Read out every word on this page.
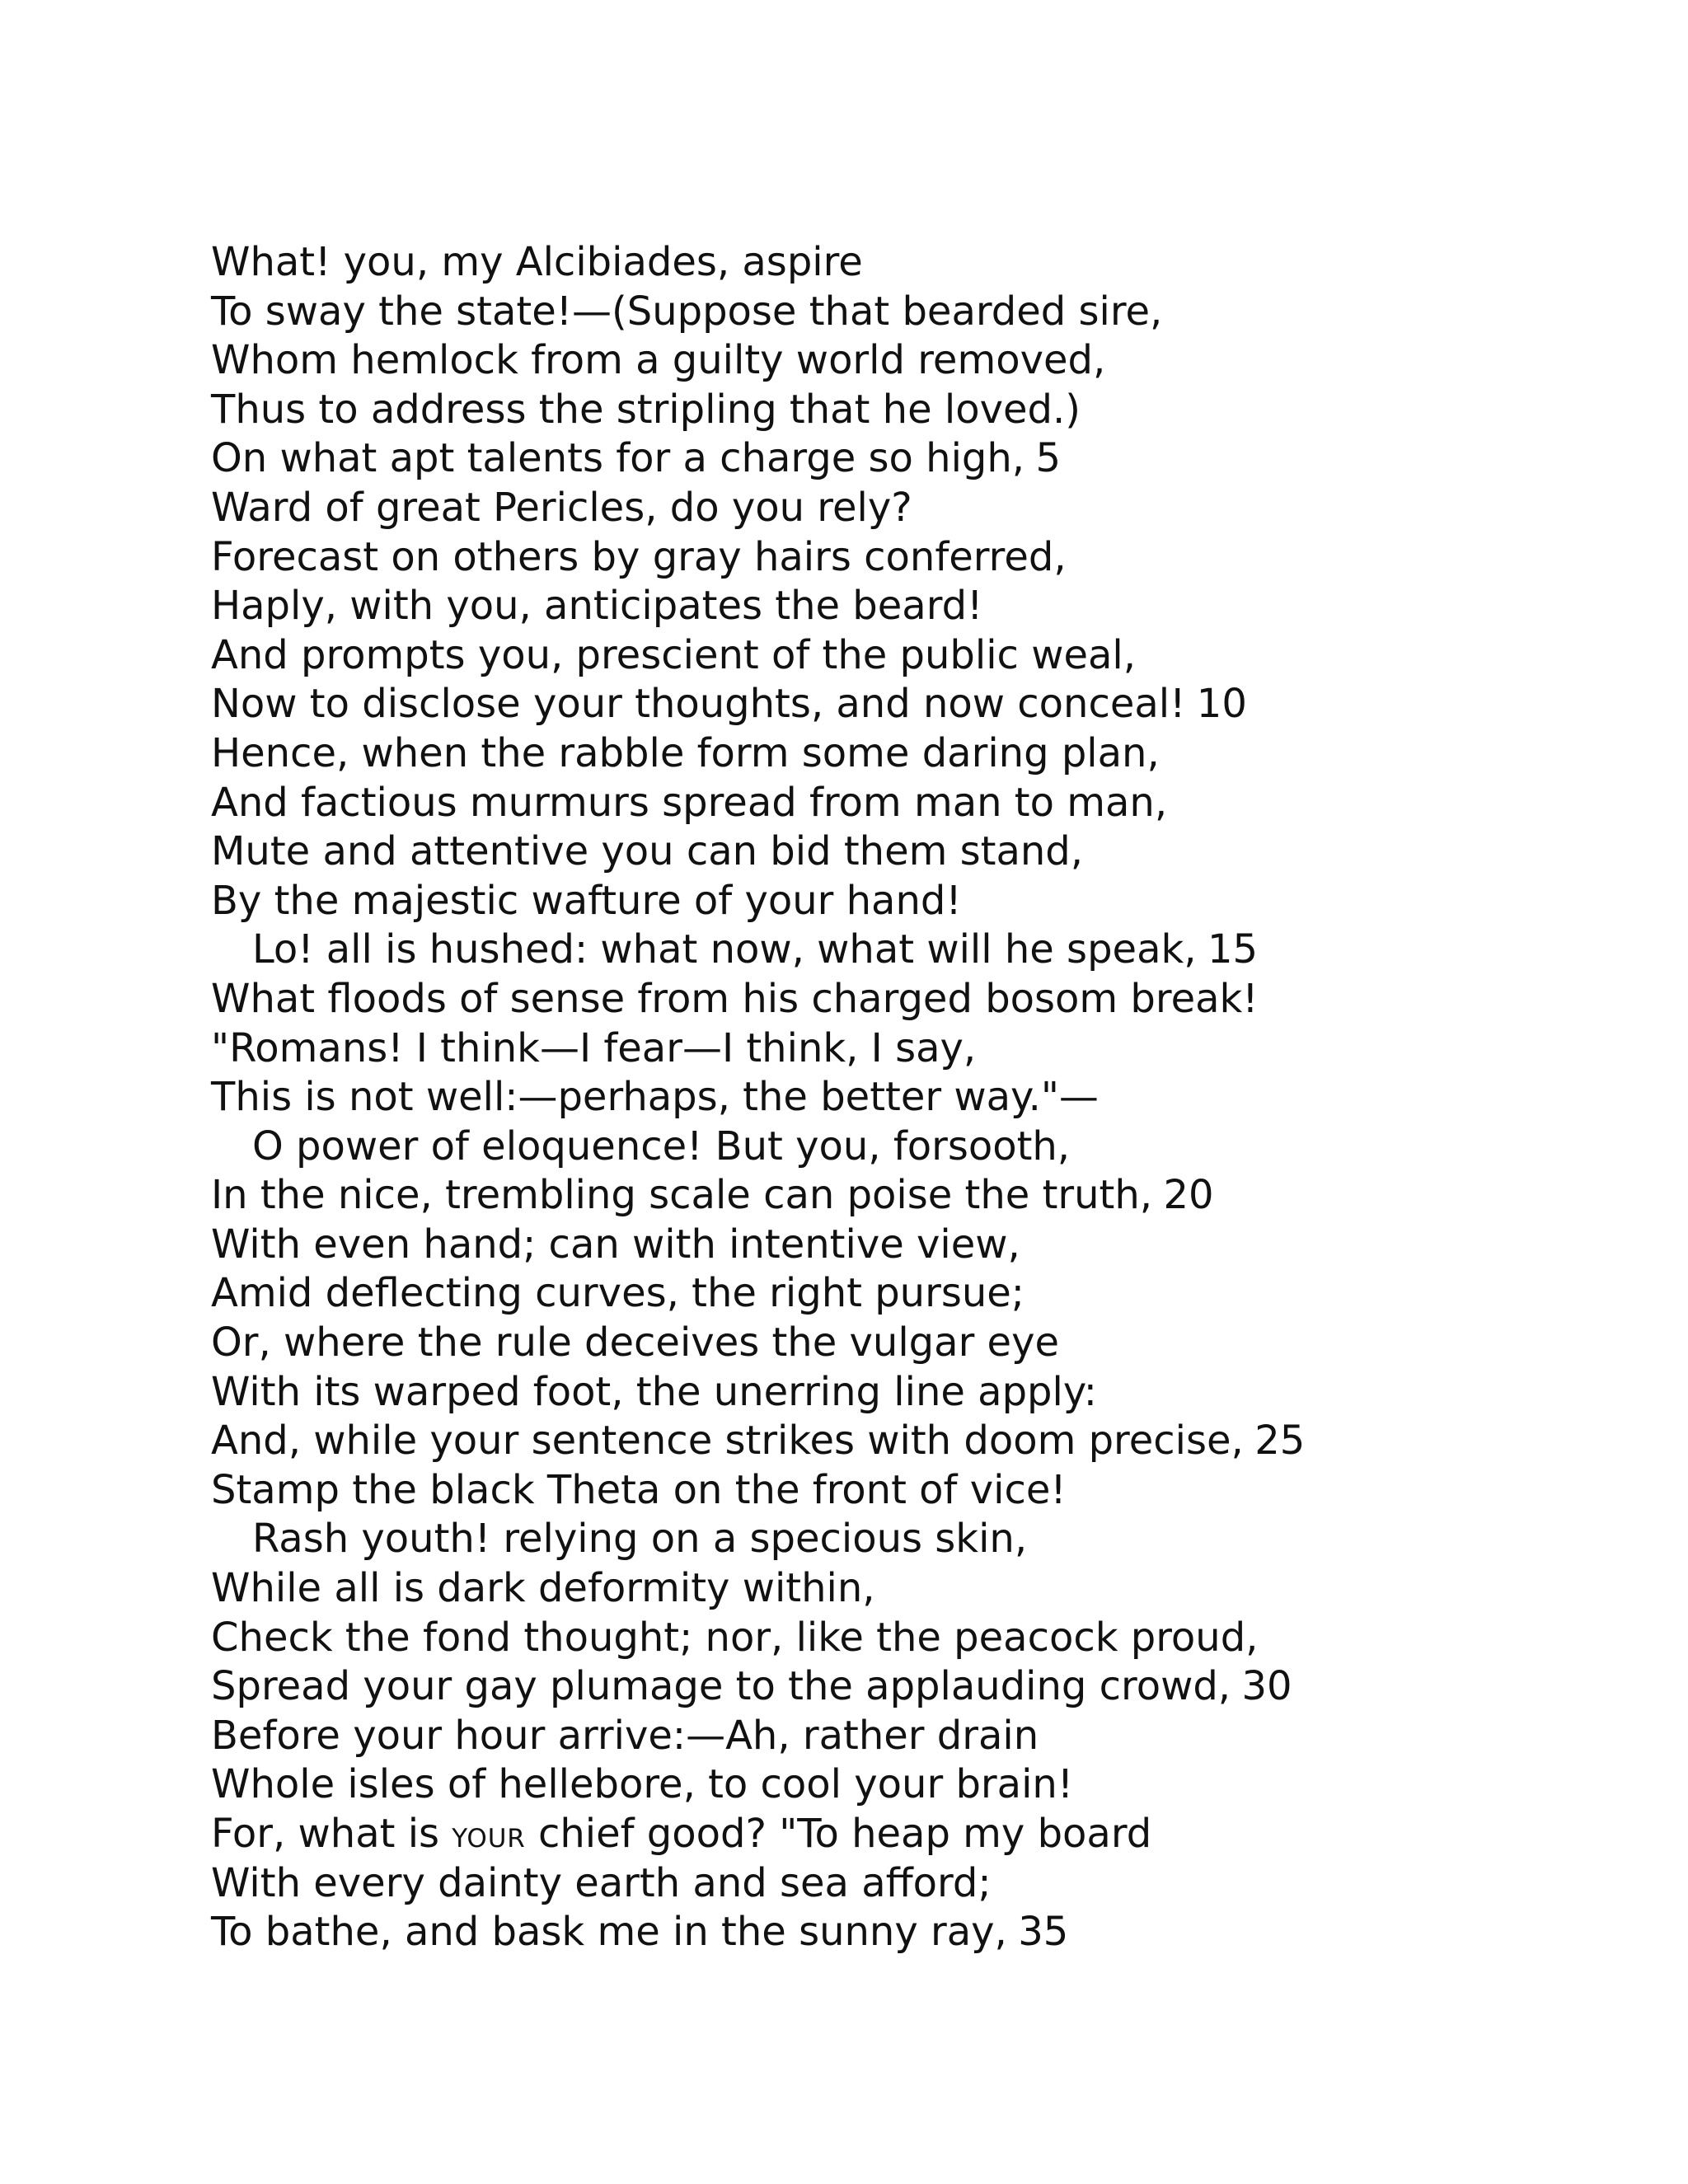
What! you, my Alcibiades, aspire
To sway the state!—(Suppose that bearded sire,
Whom hemlock from a guilty world removed,
Thus to address the stripling that he loved.)
On what apt talents for a charge so high, 5
Ward of great Pericles, do you rely?
Forecast on others by gray hairs conferred,
Haply, with you, anticipates the beard!
And prompts you, prescient of the public weal,
Now to disclose your thoughts, and now conceal! 10
Hence, when the rabble form some daring plan,
And factious murmurs spread from man to man,
Mute and attentive you can bid them stand,
By the majestic wafture of your hand!
Lo! all is hushed: what now, what will he speak, 15
What floods of sense from his charged bosom break!
"Romans! I think—I fear—I think, I say,
This is not well:—perhaps, the better way."—
O power of eloquence! But you, forsooth,
In the nice, trembling scale can poise the truth, 20
With even hand; can with intentive view,
Amid deflecting curves, the right pursue;
Or, where the rule deceives the vulgar eye
With its warped foot, the unerring line apply:
And, while your sentence strikes with doom precise, 25
Stamp the black Theta on the front of vice!
Rash youth! relying on a specious skin,
While all is dark deformity within,
Check the fond thought; nor, like the peacock proud,
Spread your gay plumage to the applauding crowd, 30
Before your hour arrive:—Ah, rather drain
Whole isles of hellebore, to cool your brain!
For, what is your chief good? "To heap my board
With every dainty earth and sea afford;
To bathe, and bask me in the sunny ray, 35
